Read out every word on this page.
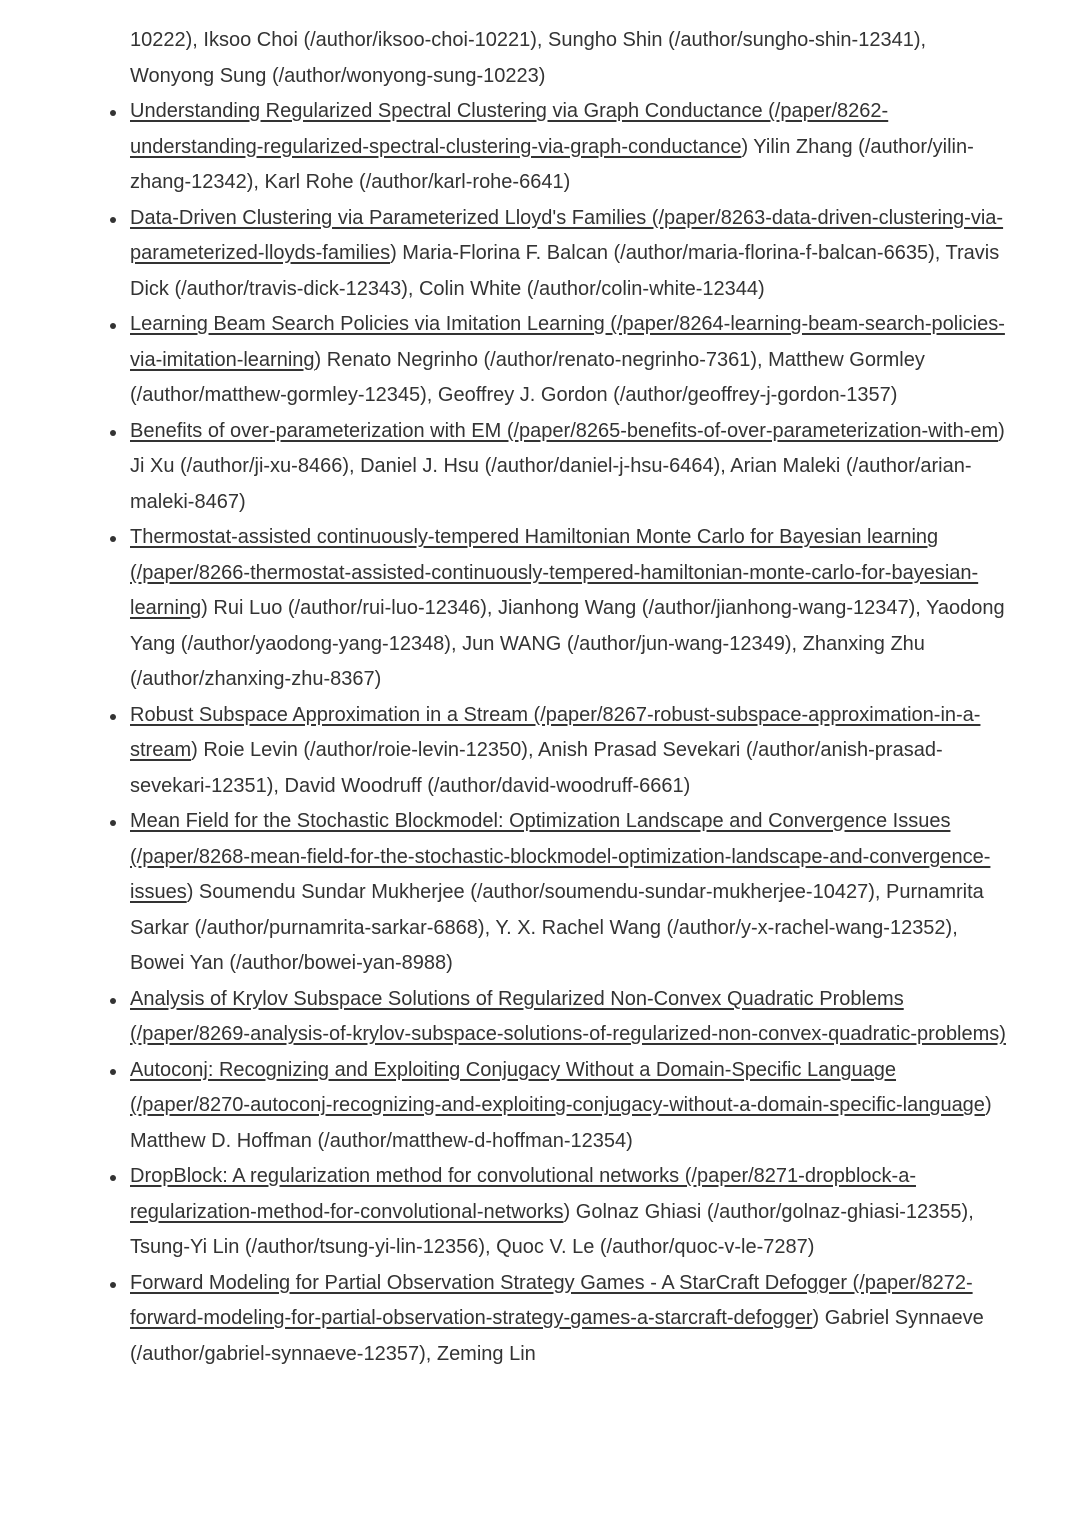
10222), Iksoo Choi (/author/iksoo-choi-10221), Sungho Shin (/author/sungho-shin-12341), Wonyong Sung (/author/wonyong-sung-10223)

Understanding Regularized Spectral Clustering via Graph Conductance (/paper/8262-understanding-regularized-spectral-clustering-via-graph-conductance) Yilin Zhang (/author/yilin-zhang-12342), Karl Rohe (/author/karl-rohe-6641)
Data-Driven Clustering via Parameterized Lloyd's Families (/paper/8263-data-driven-clustering-via-parameterized-lloyds-families) Maria-Florina F. Balcan (/author/maria-florina-f-balcan-6635), Travis Dick (/author/travis-dick-12343), Colin White (/author/colin-white-12344)
Learning Beam Search Policies via Imitation Learning (/paper/8264-learning-beam-search-policies-via-imitation-learning) Renato Negrinho (/author/renato-negrinho-7361), Matthew Gormley (/author/matthew-gormley-12345), Geoffrey J. Gordon (/author/geoffrey-j-gordon-1357)
Benefits of over-parameterization with EM (/paper/8265-benefits-of-over-parameterization-with-em) Ji Xu (/author/ji-xu-8466), Daniel J. Hsu (/author/daniel-j-hsu-6464), Arian Maleki (/author/arian-maleki-8467)
Thermostat-assisted continuously-tempered Hamiltonian Monte Carlo for Bayesian learning (/paper/8266-thermostat-assisted-continuously-tempered-hamiltonian-monte-carlo-for-bayesian-learning) Rui Luo (/author/rui-luo-12346), Jianhong Wang (/author/jianhong-wang-12347), Yaodong Yang (/author/yaodong-yang-12348), Jun WANG (/author/jun-wang-12349), Zhanxing Zhu (/author/zhanxing-zhu-8367)
Robust Subspace Approximation in a Stream (/paper/8267-robust-subspace-approximation-in-a-stream) Roie Levin (/author/roie-levin-12350), Anish Prasad Sevekari (/author/anish-prasad-sevekari-12351), David Woodruff (/author/david-woodruff-6661)
Mean Field for the Stochastic Blockmodel: Optimization Landscape and Convergence Issues (/paper/8268-mean-field-for-the-stochastic-blockmodel-optimization-landscape-and-convergence-issues) Soumendu Sundar Mukherjee (/author/soumendu-sundar-mukherjee-10427), Purnamrita Sarkar (/author/purnamrita-sarkar-6868), Y. X. Rachel Wang (/author/y-x-rachel-wang-12352), Bowei Yan (/author/bowei-yan-8988)
Analysis of Krylov Subspace Solutions of Regularized Non-Convex Quadratic Problems (/paper/8269-analysis-of-krylov-subspace-solutions-of-regularized-non-convex-quadratic-problems)
Autoconj: Recognizing and Exploiting Conjugacy Without a Domain-Specific Language (/paper/8270-autoconj-recognizing-and-exploiting-conjugacy-without-a-domain-specific-language) Matthew D. Hoffman (/author/matthew-d-hoffman-12354)
DropBlock: A regularization method for convolutional networks (/paper/8271-dropblock-a-regularization-method-for-convolutional-networks) Golnaz Ghiasi (/author/golnaz-ghiasi-12355), Tsung-Yi Lin (/author/tsung-yi-lin-12356), Quoc V. Le (/author/quoc-v-le-7287)
Forward Modeling for Partial Observation Strategy Games - A StarCraft Defogger (/paper/8272-forward-modeling-for-partial-observation-strategy-games-a-starcraft-defogger) Gabriel Synnaeve (/author/gabriel-synnaeve-12357), Zeming Lin
